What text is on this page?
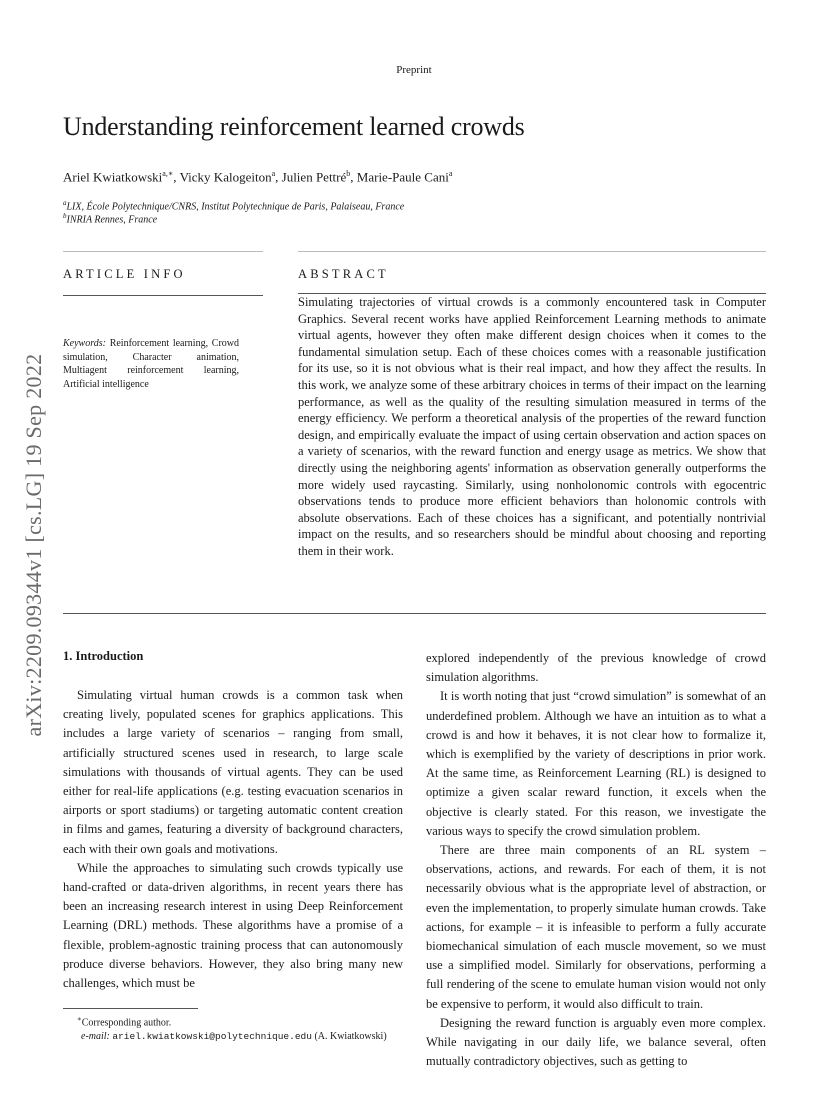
Preprint
Understanding reinforcement learned crowds
Ariel Kwiatkowski$^{a,∗}$, Vicky Kalogeiton$^a$, Julien Pettré$^b$, Marie-Paule Cani$^a$
$^a$LIX, École Polytechnique/CNRS, Institut Polytechnique de Paris, Palaiseau, France
$^b$INRIA Rennes, France
ARTICLE INFO	ABSTRACT
Keywords: Reinforcement learning, Crowd simulation, Character animation, Multiagent reinforcement learning, Artificial intelligence
Simulating trajectories of virtual crowds is a commonly encountered task in Computer Graphics. Several recent works have applied Reinforcement Learning methods to animate virtual agents, however they often make different design choices when it comes to the fundamental simulation setup. Each of these choices comes with a reasonable justification for its use, so it is not obvious what is their real impact, and how they affect the results. In this work, we analyze some of these arbitrary choices in terms of their impact on the learning performance, as well as the quality of the resulting simulation measured in terms of the energy efficiency. We perform a theoretical analysis of the properties of the reward function design, and empirically evaluate the impact of using certain observation and action spaces on a variety of scenarios, with the reward function and energy usage as metrics. We show that directly using the neighboring agents' information as observation generally outperforms the more widely used raycasting. Similarly, using nonholonomic controls with egocentric observations tends to produce more efficient behaviors than holonomic controls with absolute observations. Each of these choices has a significant, and potentially nontrivial impact on the results, and so researchers should be mindful about choosing and reporting them in their work.
arXiv:2209.09344v1 [cs.LG] 19 Sep 2022 1. Introduction

Simulating virtual human crowds is a common task when creating lively, populated scenes for graphics applications. This includes a large variety of scenarios – ranging from small, artificially structured scenes used in research, to large scale simulations with thousands of virtual agents. They can be used either for real-life applications (e.g. testing evacuation scenarios in airports or sport stadiums) or targeting automatic content creation in films and games, featuring a diversity of background characters, each with their own goals and motivations.

While the approaches to simulating such crowds typically use hand-crafted or data-driven algorithms, in recent years there has been an increasing research interest in using Deep Reinforcement Learning (DRL) methods. These algorithms have a promise of a flexible, problem-agnostic training process that can autonomously produce diverse behaviors. However, they also bring many new challenges, which must be

explored independently of the previous knowledge of crowd simulation algorithms.

It is worth noting that just “crowd simulation” is somewhat of an underdefined problem. Although we have an intuition as to what a crowd is and how it behaves, it is not clear how to formalize it, which is exemplified by the variety of descriptions in prior work. At the same time, as Reinforcement Learning (RL) is designed to optimize a given scalar reward function, it excels when the objective is clearly stated. For this reason, we investigate the various ways to specify the crowd simulation problem.

There are three main components of an RL system – observations, actions, and rewards. For each of them, it is not necessarily obvious what is the appropriate level of abstraction, or even the implementation, to properly simulate human crowds. Take actions, for example – it is infeasible to perform a fully accurate biomechanical simulation of each muscle movement, so we must use a simplified model. Similarly for observations, performing a full rendering of the scene to emulate human vision would not only be expensive to perform, it would also difficult to train.

Designing the reward function is arguably even more complex. While navigating in our daily life, we balance several, often mutually contradictory objectives, such as getting to

∗Corresponding author.
e-mail: ariel.kwiatkowski@polytechnique.edu (A. Kwiatkowski)
